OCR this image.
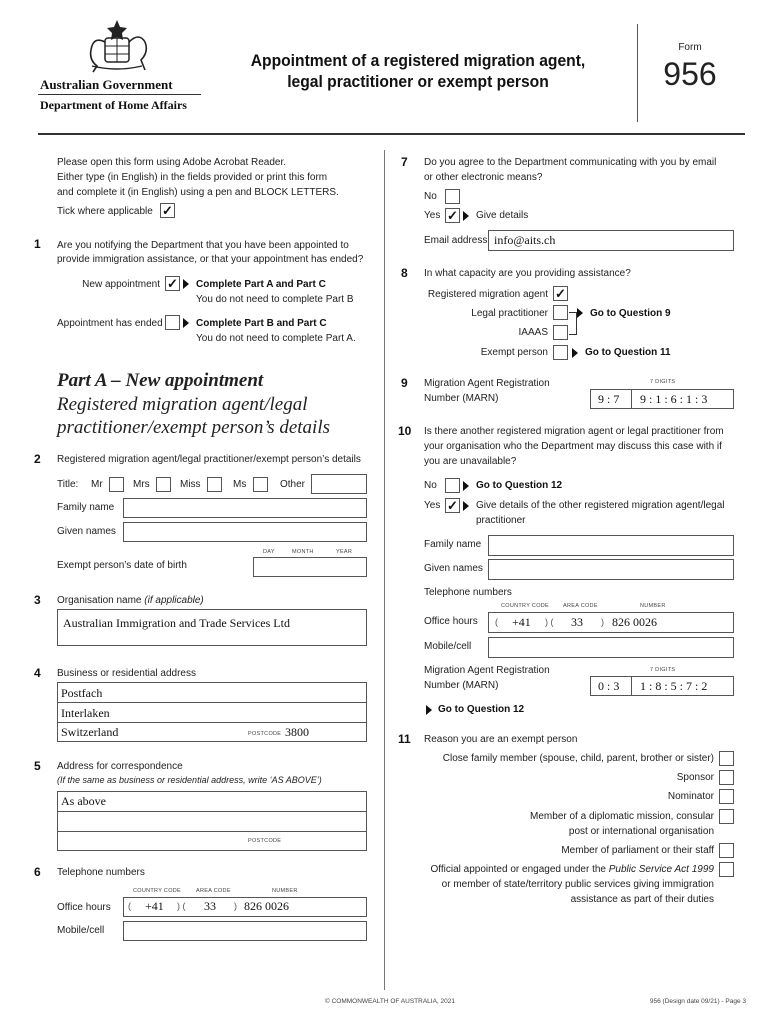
Australian Government
Department of Home Affairs
Appointment of a registered migration agent,
legal practitioner or exempt person
Form
956
Please open this form using Adobe Acrobat Reader.
Either type (in English) in the fields provided or print this form
and complete it (in English) using a pen and BLOCK LETTERS.
Tick where applicable ✓
1 Are you notifying the Department that you have been appointed to
provide immigration assistance, or that your appointment has ended?
New appointment ✓ Complete Part A and Part C
You do not need to complete Part B
Appointment has ended	Complete Part B and Part C
You do not need to complete Part A.
Part A – New appointment
Registered migration agent/legal
practitioner/exempt person’s details
2 Registered migration agent/legal practitioner/exempt person’s details
Title: Mr	Mrs	Miss	Ms	Other
Family name
Given names
DAY	MONTH	YEAR
Exempt person’s date of birth
3 Organisation name (if applicable)
Australian Immigration and Trade Services Ltd
4 Business or residential address
Postfach
Interlaken
Switzerland	POSTCODE 3800
5 Address for correspondence
(If the same as business or residential address, write ‘AS ABOVE’)
As above
POSTCODE
6 Telephone numbers
COUNTRY CODE	AREA CODE	NUMBER
Office hours ( +41 ) ( 33 ) 826 0026
Mobile/cell
7 Do you agree to the Department communicating with you by email
or other electronic means?
No
Yes ✓ Give details
Email address info@aits.ch
8 In what capacity are you providing assistance?
Registered migration agent ✓
Legal practitioner
IAAAS
Go to Question 9
Exempt person	Go to Question 11
9 Migration Agent Registration
Number (MARN)
7 DIGITS
9 : 7 9 : 1 : 6 : 1 : 3
10 Is there another registered migration agent or legal practitioner from
your organisation who the Department may discuss this case with if
you are unavailable?
No	Go to Question 12
Yes ✓ Give details of the other registered migration agent/legal
practitioner
Family name
Given names
Telephone numbers
COUNTRY CODE	AREA CODE	NUMBER
Office hours ( +41 ) ( 33 ) 826 0026
Mobile/cell
Migration Agent Registration
Number (MARN)
7 DIGITS
0 : 3 1 : 8 : 5 : 7 : 2
Go to Question 12
11 Reason you are an exempt person
Close family member (spouse, child, parent, brother or sister)
Sponsor
Nominator
Member of a diplomatic mission, consular
post or international organisation
Member of parliament or their staff
Official appointed or engaged under the Public Service Act 1999
or member of state/territory public services giving immigration
assistance as part of their duties
© COMMONWEALTH OF AUSTRALIA, 2021	956 (Design date 09/21) - Page 3
